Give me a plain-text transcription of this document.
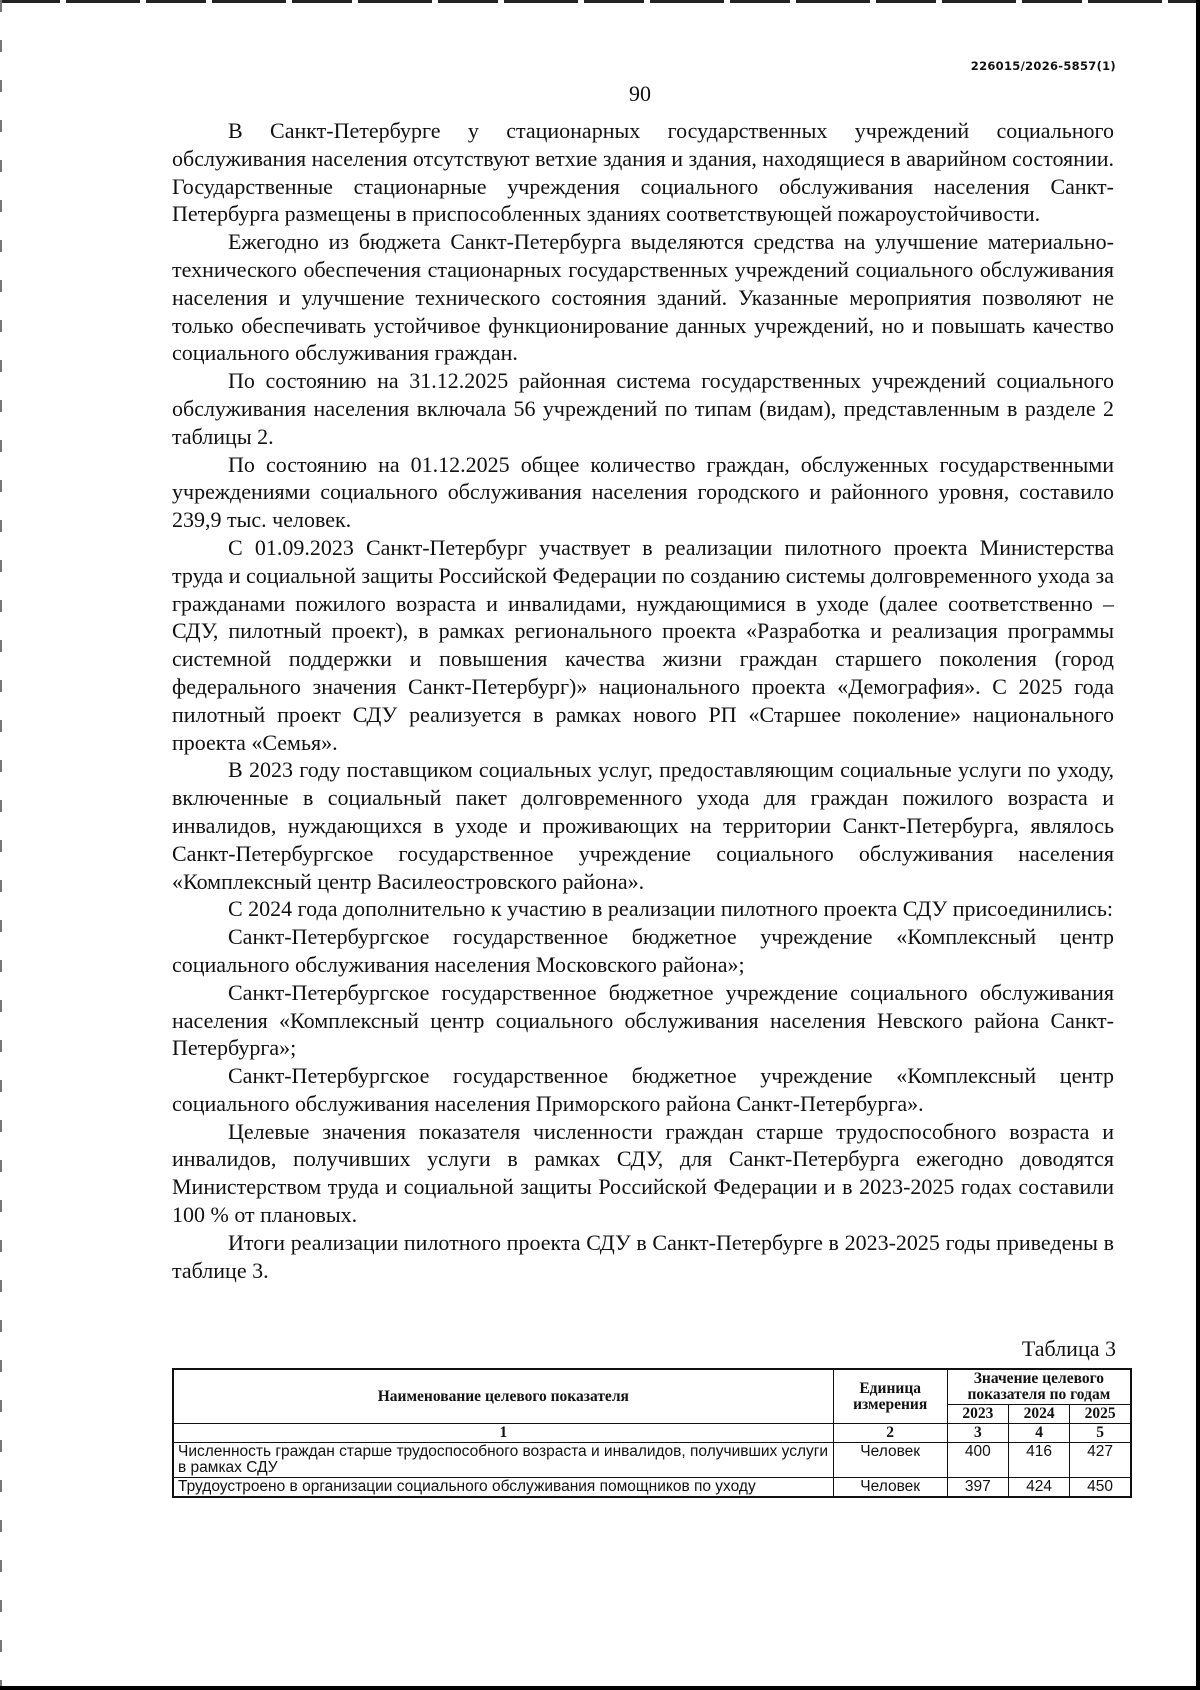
226015/2026-5857(1)
90

В Санкт-Петербурге у стационарных государственных учреждений социального обслуживания населения отсутствуют ветхие здания и здания, находящиеся в аварийном состоянии. Государственные стационарные учреждения социального обслуживания населения Санкт-Петербурга размещены в приспособленных зданиях соответствующей пожароустойчивости.

Ежегодно из бюджета Санкт-Петербурга выделяются средства на улучшение материально-технического обеспечения стационарных государственных учреждений социального обслуживания населения и улучшение технического состояния зданий. Указанные мероприятия позволяют не только обеспечивать устойчивое функционирование данных учреждений, но и повышать качество социального обслуживания граждан.

По состоянию на 31.12.2025 районная система государственных учреждений социального обслуживания населения включала 56 учреждений по типам (видам), представленным в разделе 2 таблицы 2.

По состоянию на 01.12.2025 общее количество граждан, обслуженных государственными учреждениями социального обслуживания населения городского и районного уровня, составило 239,9 тыс. человек.

С 01.09.2023 Санкт-Петербург участвует в реализации пилотного проекта Министерства труда и социальной защиты Российской Федерации по созданию системы долговременного ухода за гражданами пожилого возраста и инвалидами, нуждающимися в уходе (далее соответственно – СДУ, пилотный проект), в рамках регионального проекта «Разработка и реализация программы системной поддержки и повышения качества жизни граждан старшего поколения (город федерального значения Санкт-Петербург)» национального проекта «Демография». С 2025 года пилотный проект СДУ реализуется в рамках нового РП «Старшее поколение» национального проекта «Семья».

В 2023 году поставщиком социальных услуг, предоставляющим социальные услуги по уходу, включенные в социальный пакет долговременного ухода для граждан пожилого возраста и инвалидов, нуждающихся в уходе и проживающих на территории Санкт-Петербурга, являлось Санкт-Петербургское государственное учреждение социального обслуживания населения «Комплексный центр Василеостровского района».

С 2024 года дополнительно к участию в реализации пилотного проекта СДУ присоединились:

Санкт-Петербургское государственное бюджетное учреждение «Комплексный центр социального обслуживания населения Московского района»;

Санкт-Петербургское государственное бюджетное учреждение социального обслуживания населения «Комплексный центр социального обслуживания населения Невского района Санкт-Петербурга»;

Санкт-Петербургское государственное бюджетное учреждение «Комплексный центр социального обслуживания населения Приморского района Санкт-Петербурга».

Целевые значения показателя численности граждан старше трудоспособного возраста и инвалидов, получивших услуги в рамках СДУ, для Санкт-Петербурга ежегодно доводятся Министерством труда и социальной защиты Российской Федерации и в 2023-2025 годах составили 100 % от плановых.

Итоги реализации пилотного проекта СДУ в Санкт-Петербурге в 2023-2025 годы приведены в таблице 3.

Таблица 3
Наименование целевого показателя	Единица измерения	Значение целевого показателя по годам		
		2023	2024	2025
1	2	3	4	5
Численность граждан старше трудоспособного возраста и инвалидов, получивших услуги в рамках СДУ	Человек	400	416	427
Трудоустроено в организации социального обслуживания помощников по уходу	Человек	397	424	450
